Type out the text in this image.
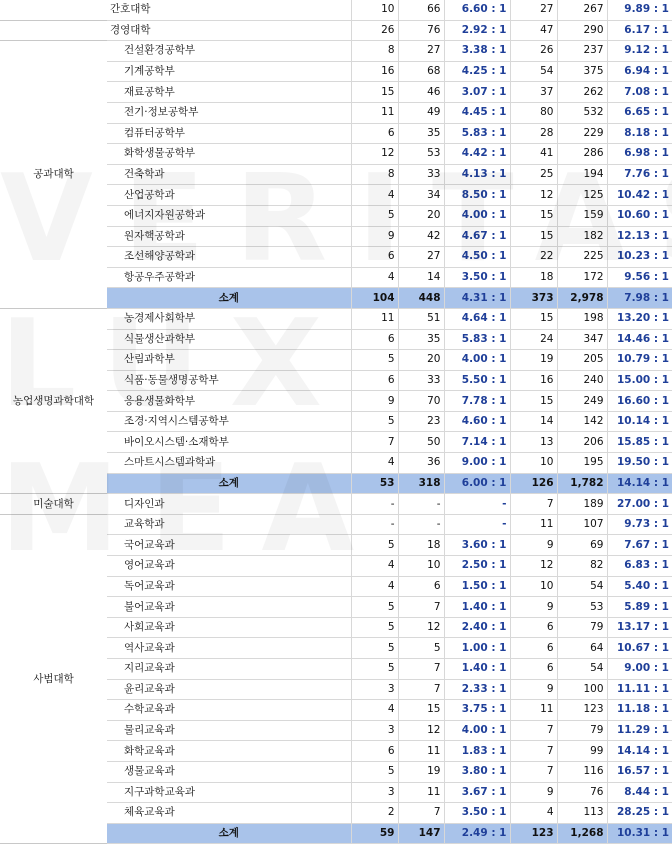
	간호대학	10	66	6.60 : 1	27	267	9.89 : 1
	경영대학	26	76	2.92 : 1	47	290	6.17 : 1
공과대학	건설환경공학부	8	27	3.38 : 1	26	237	9.12 : 1
	기계공학부	16	68	4.25 : 1	54	375	6.94 : 1
	재료공학부	15	46	3.07 : 1	37	262	7.08 : 1
	전기·정보공학부	11	49	4.45 : 1	80	532	6.65 : 1
	컴퓨터공학부	6	35	5.83 : 1	28	229	8.18 : 1
	화학생물공학부	12	53	4.42 : 1	41	286	6.98 : 1
	건축학과	8	33	4.13 : 1	25	194	7.76 : 1
	산업공학과	4	34	8.50 : 1	12	125	10.42 : 1
	에너지자원공학과	5	20	4.00 : 1	15	159	10.60 : 1
	원자핵공학과	9	42	4.67 : 1	15	182	12.13 : 1
	조선해양공학과	6	27	4.50 : 1	22	225	10.23 : 1
	항공우주공학과	4	14	3.50 : 1	18	172	9.56 : 1
	소계	104	448	4.31 : 1	373	2,978	7.98 : 1
농업생명과학대학	농경제사회학부	11	51	4.64 : 1	15	198	13.20 : 1
	식물생산과학부	6	35	5.83 : 1	24	347	14.46 : 1
	산림과학부	5	20	4.00 : 1	19	205	10.79 : 1
	식품·동물생명공학부	6	33	5.50 : 1	16	240	15.00 : 1
	응용생물화학부	9	70	7.78 : 1	15	249	16.60 : 1
	조경·지역시스템공학부	5	23	4.60 : 1	14	142	10.14 : 1
	바이오시스템·소재학부	7	50	7.14 : 1	13	206	15.85 : 1
	스마트시스템과학과	4	36	9.00 : 1	10	195	19.50 : 1
	소계	53	318	6.00 : 1	126	1,782	14.14 : 1
미술대학	디자인과	-	-	-	7	189	27.00 : 1
사범대학	교육학과	-	-	-	11	107	9.73 : 1
	국어교육과	5	18	3.60 : 1	9	69	7.67 : 1
	영어교육과	4	10	2.50 : 1	12	82	6.83 : 1
	독어교육과	4	6	1.50 : 1	10	54	5.40 : 1
	불어교육과	5	7	1.40 : 1	9	53	5.89 : 1
	사회교육과	5	12	2.40 : 1	6	79	13.17 : 1
	역사교육과	5	5	1.00 : 1	6	64	10.67 : 1
	지리교육과	5	7	1.40 : 1	6	54	9.00 : 1
	윤리교육과	3	7	2.33 : 1	9	100	11.11 : 1
	수학교육과	4	15	3.75 : 1	11	123	11.18 : 1
	물리교육과	3	12	4.00 : 1	7	79	11.29 : 1
	화학교육과	6	11	1.83 : 1	7	99	14.14 : 1
	생물교육과	5	19	3.80 : 1	7	116	16.57 : 1
	지구과학교육과	3	11	3.67 : 1	9	76	8.44 : 1
	체육교육과	2	7	3.50 : 1	4	113	28.25 : 1
	소계	59	147	2.49 : 1	123	1,268	10.31 : 1
